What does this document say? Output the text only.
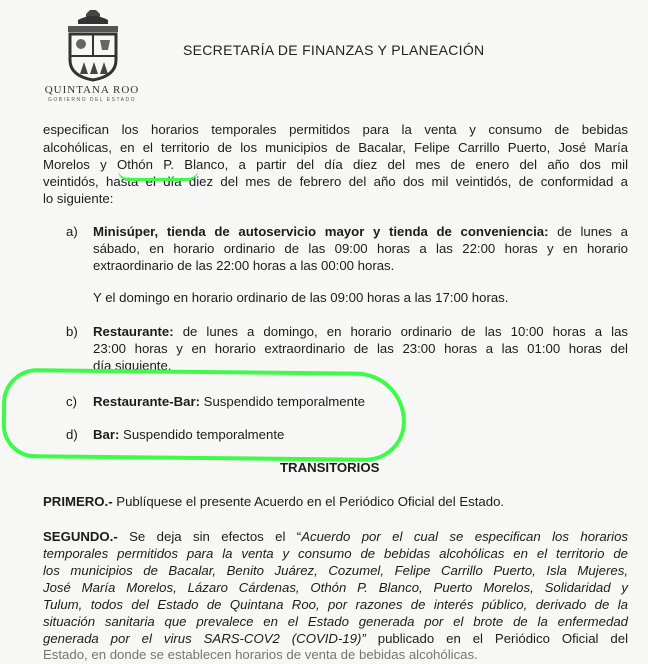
QUINTANA ROO
GOBIERNO DEL ESTADO
SECRETARÍA DE FINANZAS Y PLANEACIÓN
especifican los horarios temporales permitidos para la venta y consumo de bebidas
alcohólicas, en el territorio de los municipios de Bacalar, Felipe Carrillo Puerto, José María
Morelos y Othón P. Blanco, a partir del día diez del mes de enero del año dos mil
veintidós, hasta el día diez del mes de febrero del año dos mil veintidós, de conformidad a
lo siguiente:
a) Minisúper, tienda de autoservicio mayor y tienda de conveniencia: de lunes a
sábado, en horario ordinario de las 09:00 horas a las 22:00 horas y en horario
extraordinario de las 22:00 horas a las 00:00 horas.
Y el domingo en horario ordinario de las 09:00 horas a las 17:00 horas.
b) Restaurante: de lunes a domingo, en horario ordinario de las 10:00 horas a las
23:00 horas y en horario extraordinario de las 23:00 horas a las 01:00 horas del
día siguiente.
c) Restaurante-Bar: Suspendido temporalmente
d) Bar: Suspendido temporalmente
TRANSITORIOS
PRIMERO.- Publíquese el presente Acuerdo en el Periódico Oficial del Estado.
SEGUNDO.- Se deja sin efectos el “Acuerdo por el cual se especifican los horarios
temporales permitidos para la venta y consumo de bebidas alcohólicas en el territorio de
los municipios de Bacalar, Benito Juárez, Cozumel, Felipe Carrillo Puerto, Isla Mujeres,
José María Morelos, Lázaro Cárdenas, Othón P. Blanco, Puerto Morelos, Solidaridad y
Tulum, todos del Estado de Quintana Roo, por razones de interés público, derivado de la
situación sanitaria que prevalece en el Estado generada por el brote de la enfermedad
generada por el virus SARS-COV2 (COVID-19)” publicado en el Periódico Oficial del
Estado, en donde se establecen horarios de venta de bebidas alcohólicas.
